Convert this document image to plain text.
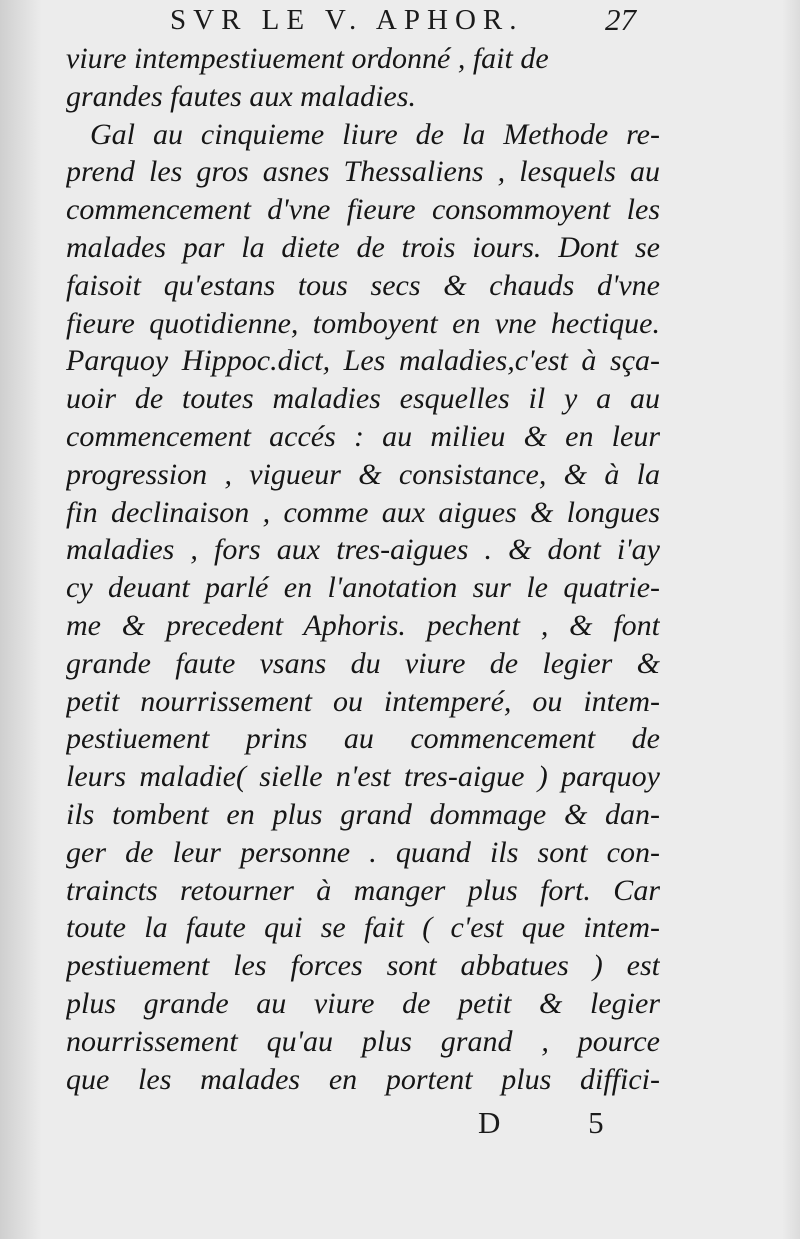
SVR LE V. APHOR.	27
viure intempestiuement ordonné , fait de
grandes fautes aux maladies.
Gal au cinquieme liure de la Methode re-
prend les gros asnes Thessaliens , lesquels au
commencement d'vne fieure consommoyent les
malades par la diete de trois iours. Dont se
faisoit qu'estans tous secs & chauds d'vne
fieure quotidienne, tomboyent en vne hectique.
Parquoy Hippoc.dict, Les maladies,c'est à sça-
uoir de toutes maladies esquelles il y a au
commencement accés : au milieu & en leur
progression , vigueur & consistance, & à la
fin declinaison , comme aux aigues & longues
maladies , fors aux tres-aigues . & dont i'ay
cy deuant parlé en l'anotation sur le quatrie-
me & precedent Aphoris. pechent , & font
grande faute vsans du viure de legier &
petit nourrissement ou intemperé, ou intem-
pestiuement prins au commencement de
leurs maladie( sielle n'est tres-aigue ) parquoy
ils tombent en plus grand dommage & dan-
ger de leur personne . quand ils sont con-
traincts retourner à manger plus fort. Car
toute la faute qui se fait ( c'est que intem-
pestiuement les forces sont abbatues ) est
plus grande au viure de petit & legier
nourrissement qu'au plus grand , pource
que les malades en portent plus diffici-
D 5
